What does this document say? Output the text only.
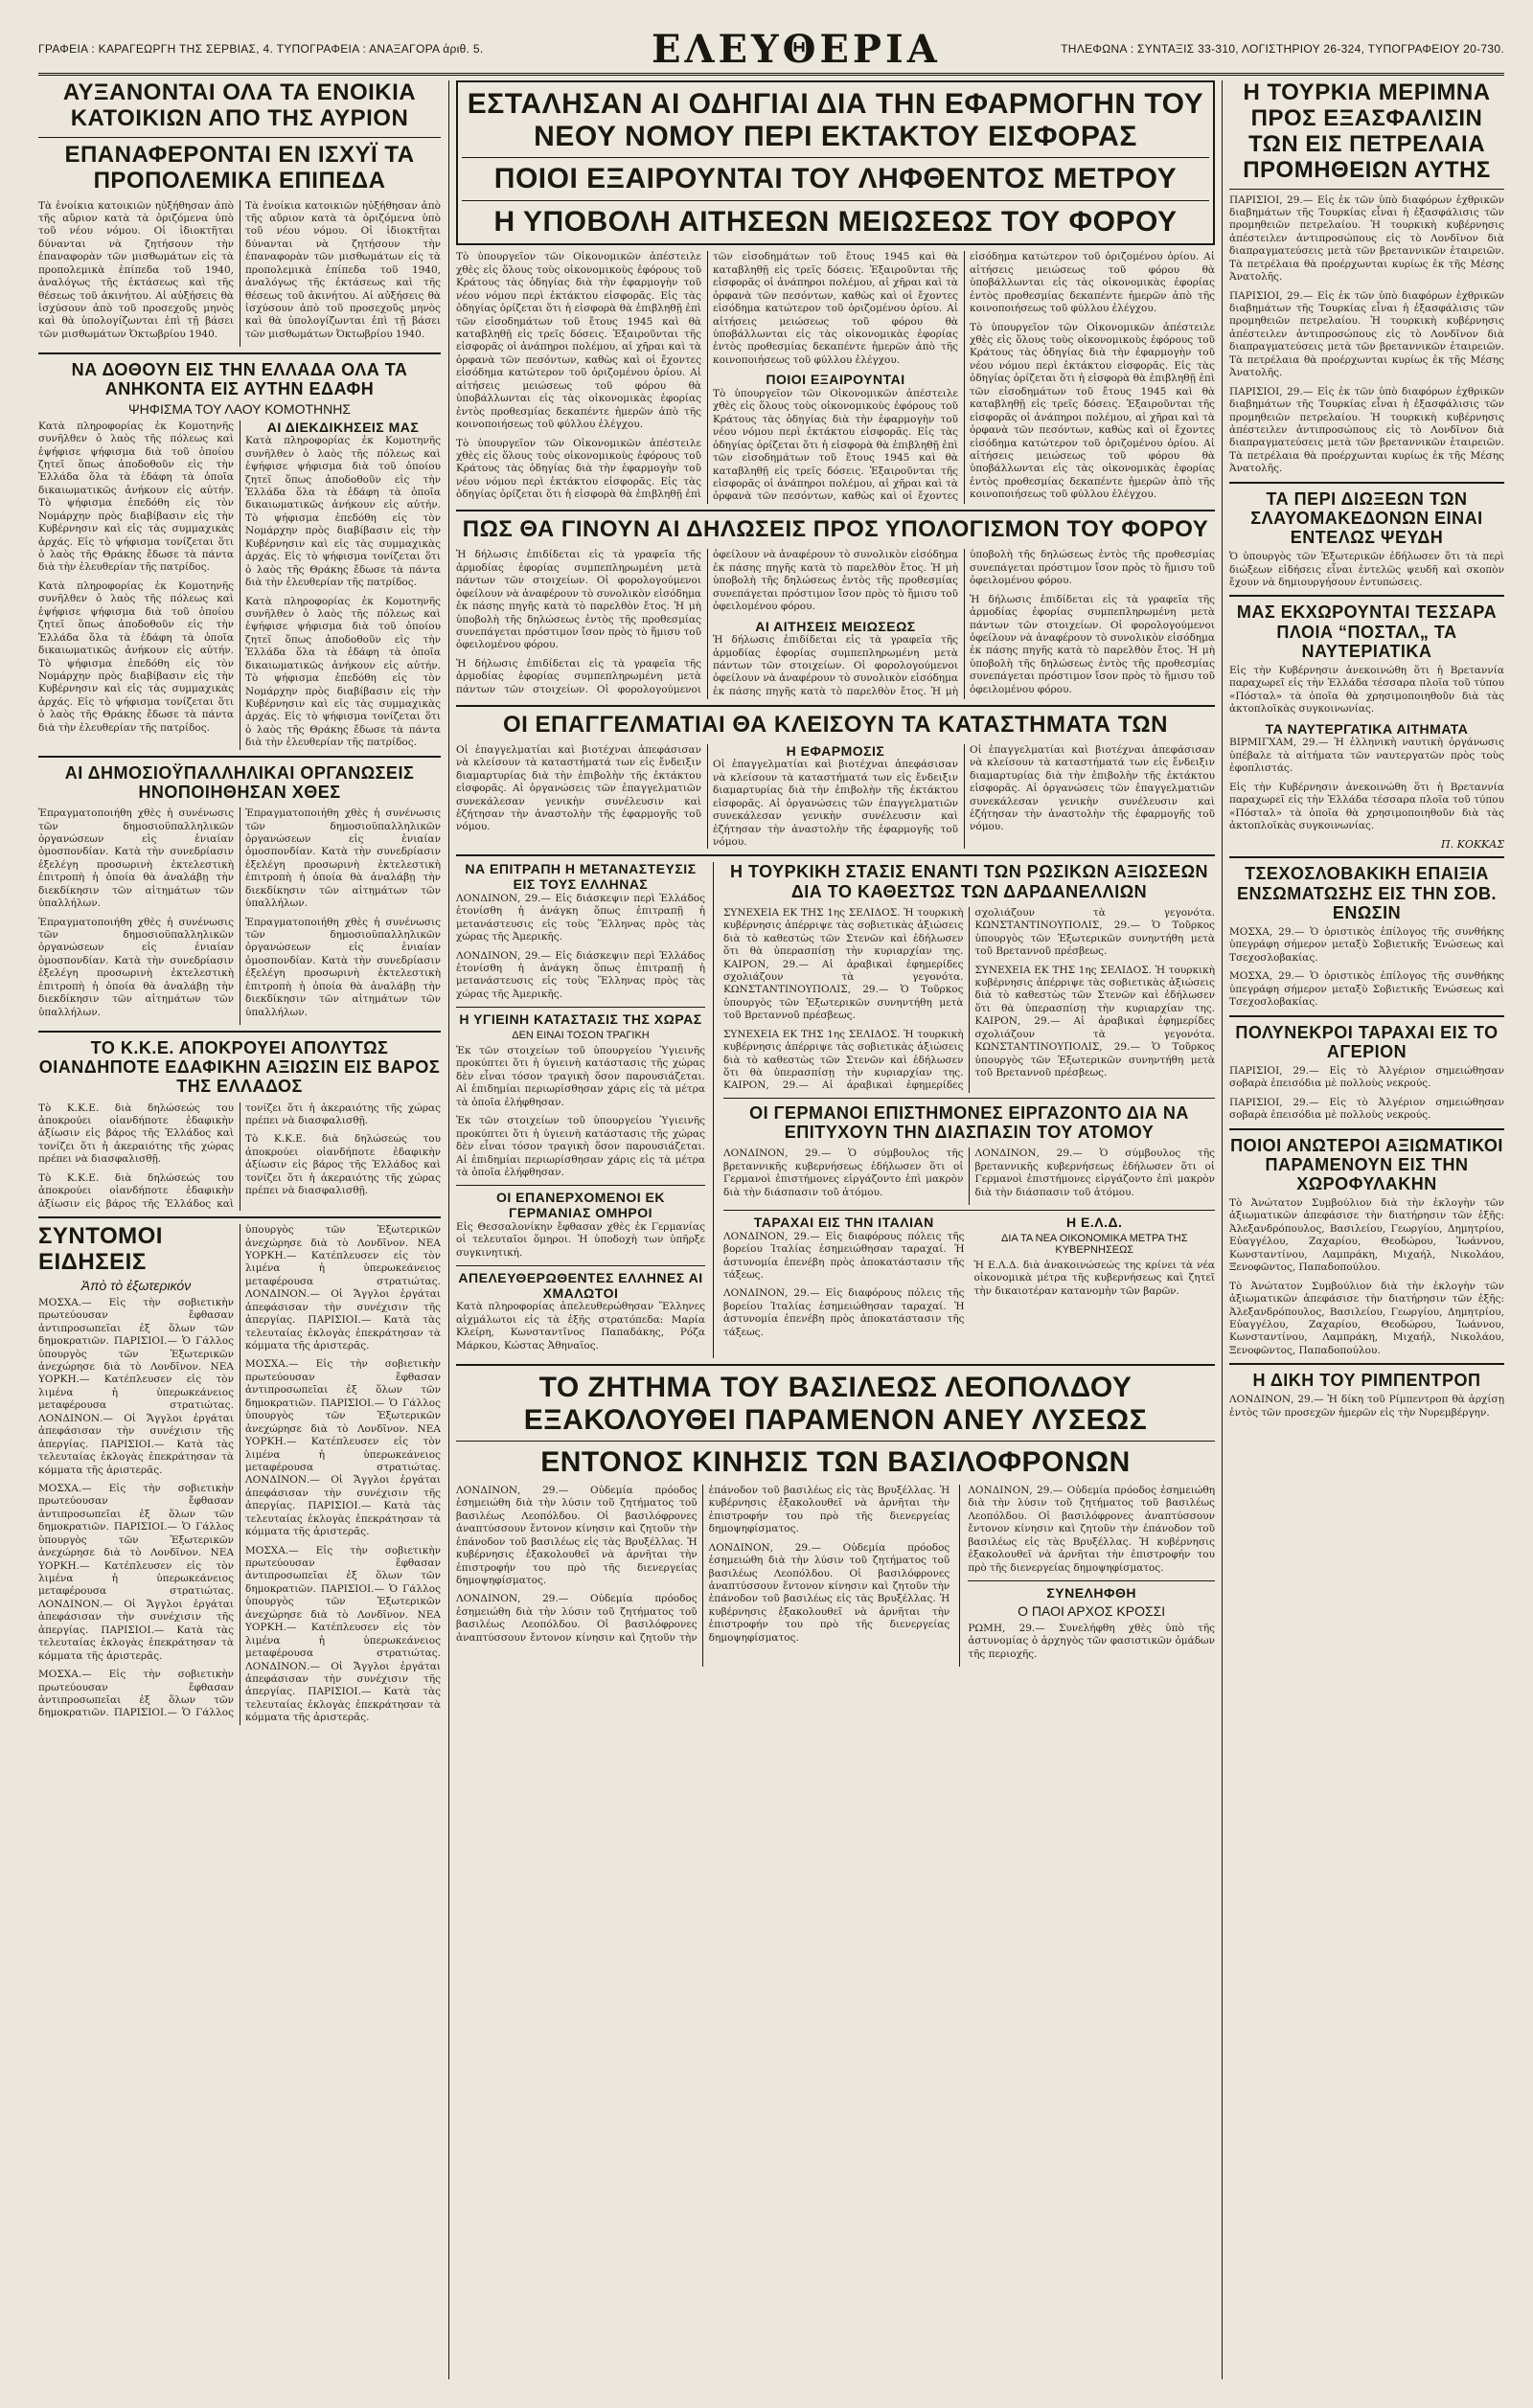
ΓΡΑΦΕΙΑ : ΚΑΡΑΓΕΩΡΓΗ ΤΗΣ ΣΕΡΒΙΑΣ, 4. ΤΥΠΟΓΡΑΦΕΙΑ : ΑΝΑΞΑΓΟΡΑ ἀριθ. 5.	ΕΛΕΥΘΕΡΙΑ	ΤΗΛΕΦΩΝΑ : ΣΥΝΤΑΞΙΣ 33-310, ΛΟΓΙΣΤΗΡΙΟΥ 26-324, ΤΥΠΟΓΡΑΦΕΙΟΥ 20-730.

ΑΥΞΑΝΟΝΤΑΙ ΟΛΑ ΤΑ ΕΝΟΙΚΙΑ ΚΑΤΟΙΚΙΩΝ ΑΠΟ ΤΗΣ ΑΥΡΙΟΝ

ΕΠΑΝΑΦΕΡΟΝΤΑΙ ΕΝ ΙΣΧΥΪ ΤΑ ΠΡΟΠΟΛΕΜΙΚΑ ΕΠΙΠΕΔΑ

Τὰ ἐνοίκια κατοικιῶν ηὐξήθησαν ἀπὸ τῆς αὔριον κατὰ τὰ ὁριζόμενα ὑπὸ τοῦ νέου νόμου. Οἱ ἰδιοκτῆται δύνανται νὰ ζητήσουν τὴν ἐπαναφορὰν τῶν μισθωμάτων εἰς τὰ προπολεμικὰ ἐπίπεδα τοῦ 1940, ἀναλόγως τῆς ἐκτάσεως καὶ τῆς θέσεως τοῦ ἀκινήτου. Αἱ αὐξήσεις θὰ ἰσχύσουν ἀπὸ τοῦ προσεχοῦς μηνὸς καὶ θὰ ὑπολογίζωνται ἐπὶ τῇ βάσει τῶν μισθωμάτων Ὀκτωβρίου 1940.

Τὰ ἐνοίκια κατοικιῶν ηὐξήθησαν ἀπὸ τῆς αὔριον κατὰ τὰ ὁριζόμενα ὑπὸ τοῦ νέου νόμου. Οἱ ἰδιοκτῆται δύνανται νὰ ζητήσουν τὴν ἐπαναφορὰν τῶν μισθωμάτων εἰς τὰ προπολεμικὰ ἐπίπεδα τοῦ 1940, ἀναλόγως τῆς ἐκτάσεως καὶ τῆς θέσεως τοῦ ἀκινήτου. Αἱ αὐξήσεις θὰ ἰσχύσουν ἀπὸ τοῦ προσεχοῦς μηνὸς καὶ θὰ ὑπολογίζωνται ἐπὶ τῇ βάσει τῶν μισθωμάτων Ὀκτωβρίου 1940.

ΝΑ ΔΟΘΟΥΝ ΕΙΣ ΤΗΝ ΕΛΛΑΔΑ ΟΛΑ ΤΑ ΑΝΗΚΟΝΤΑ ΕΙΣ ΑΥΤΗΝ ΕΔΑΦΗ

ΨΗΦΙΣΜΑ ΤΟΥ ΛΑΟΥ ΚΟΜΟΤΗΝΗΣ

Κατὰ πληροφορίας ἐκ Κομοτηνῆς συνῆλθεν ὁ λαὸς τῆς πόλεως καὶ ἐψήφισε ψήφισμα διὰ τοῦ ὁποίου ζητεῖ ὅπως ἀποδοθοῦν εἰς τὴν Ἑλλάδα ὅλα τὰ ἐδάφη τὰ ὁποῖα δικαιωματικῶς ἀνήκουν εἰς αὐτήν. Τὸ ψήφισμα ἐπεδόθη εἰς τὸν Νομάρχην πρὸς διαβίβασιν εἰς τὴν Κυβέρνησιν καὶ εἰς τὰς συμμαχικὰς ἀρχάς. Εἰς τὸ ψήφισμα τονίζεται ὅτι ὁ λαὸς τῆς Θράκης ἔδωσε τὰ πάντα διὰ τὴν ἐλευθερίαν τῆς πατρίδος.

Κατὰ πληροφορίας ἐκ Κομοτηνῆς συνῆλθεν ὁ λαὸς τῆς πόλεως καὶ ἐψήφισε ψήφισμα διὰ τοῦ ὁποίου ζητεῖ ὅπως ἀποδοθοῦν εἰς τὴν Ἑλλάδα ὅλα τὰ ἐδάφη τὰ ὁποῖα δικαιωματικῶς ἀνήκουν εἰς αὐτήν. Τὸ ψήφισμα ἐπεδόθη εἰς τὸν Νομάρχην πρὸς διαβίβασιν εἰς τὴν Κυβέρνησιν καὶ εἰς τὰς συμμαχικὰς ἀρχάς. Εἰς τὸ ψήφισμα τονίζεται ὅτι ὁ λαὸς τῆς Θράκης ἔδωσε τὰ πάντα διὰ τὴν ἐλευθερίαν τῆς πατρίδος.

ΑΙ ΔΙΕΚΔΙΚΗΣΕΙΣ ΜΑΣ

Κατὰ πληροφορίας ἐκ Κομοτηνῆς συνῆλθεν ὁ λαὸς τῆς πόλεως καὶ ἐψήφισε ψήφισμα διὰ τοῦ ὁποίου ζητεῖ ὅπως ἀποδοθοῦν εἰς τὴν Ἑλλάδα ὅλα τὰ ἐδάφη τὰ ὁποῖα δικαιωματικῶς ἀνήκουν εἰς αὐτήν. Τὸ ψήφισμα ἐπεδόθη εἰς τὸν Νομάρχην πρὸς διαβίβασιν εἰς τὴν Κυβέρνησιν καὶ εἰς τὰς συμμαχικὰς ἀρχάς. Εἰς τὸ ψήφισμα τονίζεται ὅτι ὁ λαὸς τῆς Θράκης ἔδωσε τὰ πάντα διὰ τὴν ἐλευθερίαν τῆς πατρίδος.

Κατὰ πληροφορίας ἐκ Κομοτηνῆς συνῆλθεν ὁ λαὸς τῆς πόλεως καὶ ἐψήφισε ψήφισμα διὰ τοῦ ὁποίου ζητεῖ ὅπως ἀποδοθοῦν εἰς τὴν Ἑλλάδα ὅλα τὰ ἐδάφη τὰ ὁποῖα δικαιωματικῶς ἀνήκουν εἰς αὐτήν. Τὸ ψήφισμα ἐπεδόθη εἰς τὸν Νομάρχην πρὸς διαβίβασιν εἰς τὴν Κυβέρνησιν καὶ εἰς τὰς συμμαχικὰς ἀρχάς. Εἰς τὸ ψήφισμα τονίζεται ὅτι ὁ λαὸς τῆς Θράκης ἔδωσε τὰ πάντα διὰ τὴν ἐλευθερίαν τῆς πατρίδος.

ΑΙ ΔΗΜΟΣΙΟΫΠΑΛΛΗΛΙΚΑΙ ΟΡΓΑΝΩΣΕΙΣ ΗΝΟΠΟΙΗΘΗΣΑΝ ΧΘΕΣ

Ἐπραγματοποιήθη χθὲς ἡ συνένωσις τῶν δημοσιοϋπαλληλικῶν ὀργανώσεων εἰς ἑνιαίαν ὁμοσπονδίαν. Κατὰ τὴν συνεδρίασιν ἐξελέγη προσωρινὴ ἐκτελεστικὴ ἐπιτροπὴ ἡ ὁποία θὰ ἀναλάβῃ τὴν διεκδίκησιν τῶν αἰτημάτων τῶν ὑπαλλήλων.

Ἐπραγματοποιήθη χθὲς ἡ συνένωσις τῶν δημοσιοϋπαλληλικῶν ὀργανώσεων εἰς ἑνιαίαν ὁμοσπονδίαν. Κατὰ τὴν συνεδρίασιν ἐξελέγη προσωρινὴ ἐκτελεστικὴ ἐπιτροπὴ ἡ ὁποία θὰ ἀναλάβῃ τὴν διεκδίκησιν τῶν αἰτημάτων τῶν ὑπαλλήλων.

Ἐπραγματοποιήθη χθὲς ἡ συνένωσις τῶν δημοσιοϋπαλληλικῶν ὀργανώσεων εἰς ἑνιαίαν ὁμοσπονδίαν. Κατὰ τὴν συνεδρίασιν ἐξελέγη προσωρινὴ ἐκτελεστικὴ ἐπιτροπὴ ἡ ὁποία θὰ ἀναλάβῃ τὴν διεκδίκησιν τῶν αἰτημάτων τῶν ὑπαλλήλων.

Ἐπραγματοποιήθη χθὲς ἡ συνένωσις τῶν δημοσιοϋπαλληλικῶν ὀργανώσεων εἰς ἑνιαίαν ὁμοσπονδίαν. Κατὰ τὴν συνεδρίασιν ἐξελέγη προσωρινὴ ἐκτελεστικὴ ἐπιτροπὴ ἡ ὁποία θὰ ἀναλάβῃ τὴν διεκδίκησιν τῶν αἰτημάτων τῶν ὑπαλλήλων.

ΤΟ Κ.Κ.Ε. ΑΠΟΚΡΟΥΕΙ ΑΠΟΛΥΤΩΣ ΟΙΑΝΔΗΠΟΤΕ ΕΔΑΦΙΚΗΝ ΑΞΙΩΣΙΝ ΕΙΣ ΒΑΡΟΣ ΤΗΣ ΕΛΛΑΔΟΣ

Τὸ Κ.Κ.Ε. διὰ δηλώσεώς του ἀποκρούει οἱανδήποτε ἐδαφικὴν ἀξίωσιν εἰς βάρος τῆς Ἑλλάδος καὶ τονίζει ὅτι ἡ ἀκεραιότης τῆς χώρας πρέπει νὰ διασφαλισθῇ.

Τὸ Κ.Κ.Ε. διὰ δηλώσεώς του ἀποκρούει οἱανδήποτε ἐδαφικὴν ἀξίωσιν εἰς βάρος τῆς Ἑλλάδος καὶ τονίζει ὅτι ἡ ἀκεραιότης τῆς χώρας πρέπει νὰ διασφαλισθῇ.

Τὸ Κ.Κ.Ε. διὰ δηλώσεώς του ἀποκρούει οἱανδήποτε ἐδαφικὴν ἀξίωσιν εἰς βάρος τῆς Ἑλλάδος καὶ τονίζει ὅτι ἡ ἀκεραιότης τῆς χώρας πρέπει νὰ διασφαλισθῇ.

ΣΥΝΤΟΜΟΙ ΕΙΔΗΣΕΙΣ

Ἀπὸ τὸ ἐξωτερικόν

ΜΟΣΧΑ.— Εἰς τὴν σοβιετικὴν πρωτεύουσαν ἔφθασαν ἀντιπροσωπεῖαι ἐξ ὅλων τῶν δημοκρατιῶν. ΠΑΡΙΣΙΟΙ.— Ὁ Γάλλος ὑπουργὸς τῶν Ἐξωτερικῶν ἀνεχώρησε διὰ τὸ Λονδῖνον. ΝΕΑ ΥΟΡΚΗ.— Κατέπλευσεν εἰς τὸν λιμένα ἡ ὑπερωκεάνειος μεταφέρουσα στρατιώτας. ΛΟΝΔΙΝΟΝ.— Οἱ Ἄγγλοι ἐργάται ἀπεφάσισαν τὴν συνέχισιν τῆς ἀπεργίας. ΠΑΡΙΣΙΟΙ.— Κατὰ τὰς τελευταίας ἐκλογὰς ἐπεκράτησαν τὰ κόμματα τῆς ἀριστερᾶς.

ΜΟΣΧΑ.— Εἰς τὴν σοβιετικὴν πρωτεύουσαν ἔφθασαν ἀντιπροσωπεῖαι ἐξ ὅλων τῶν δημοκρατιῶν. ΠΑΡΙΣΙΟΙ.— Ὁ Γάλλος ὑπουργὸς τῶν Ἐξωτερικῶν ἀνεχώρησε διὰ τὸ Λονδῖνον. ΝΕΑ ΥΟΡΚΗ.— Κατέπλευσεν εἰς τὸν λιμένα ἡ ὑπερωκεάνειος μεταφέρουσα στρατιώτας. ΛΟΝΔΙΝΟΝ.— Οἱ Ἄγγλοι ἐργάται ἀπεφάσισαν τὴν συνέχισιν τῆς ἀπεργίας. ΠΑΡΙΣΙΟΙ.— Κατὰ τὰς τελευταίας ἐκλογὰς ἐπεκράτησαν τὰ κόμματα τῆς ἀριστερᾶς.

ΜΟΣΧΑ.— Εἰς τὴν σοβιετικὴν πρωτεύουσαν ἔφθασαν ἀντιπροσωπεῖαι ἐξ ὅλων τῶν δημοκρατιῶν. ΠΑΡΙΣΙΟΙ.— Ὁ Γάλλος ὑπουργὸς τῶν Ἐξωτερικῶν ἀνεχώρησε διὰ τὸ Λονδῖνον. ΝΕΑ ΥΟΡΚΗ.— Κατέπλευσεν εἰς τὸν λιμένα ἡ ὑπερωκεάνειος μεταφέρουσα στρατιώτας. ΛΟΝΔΙΝΟΝ.— Οἱ Ἄγγλοι ἐργάται ἀπεφάσισαν τὴν συνέχισιν τῆς ἀπεργίας. ΠΑΡΙΣΙΟΙ.— Κατὰ τὰς τελευταίας ἐκλογὰς ἐπεκράτησαν τὰ κόμματα τῆς ἀριστερᾶς.

ΜΟΣΧΑ.— Εἰς τὴν σοβιετικὴν πρωτεύουσαν ἔφθασαν ἀντιπροσωπεῖαι ἐξ ὅλων τῶν δημοκρατιῶν. ΠΑΡΙΣΙΟΙ.— Ὁ Γάλλος ὑπουργὸς τῶν Ἐξωτερικῶν ἀνεχώρησε διὰ τὸ Λονδῖνον. ΝΕΑ ΥΟΡΚΗ.— Κατέπλευσεν εἰς τὸν λιμένα ἡ ὑπερωκεάνειος μεταφέρουσα στρατιώτας. ΛΟΝΔΙΝΟΝ.— Οἱ Ἄγγλοι ἐργάται ἀπεφάσισαν τὴν συνέχισιν τῆς ἀπεργίας. ΠΑΡΙΣΙΟΙ.— Κατὰ τὰς τελευταίας ἐκλογὰς ἐπεκράτησαν τὰ κόμματα τῆς ἀριστερᾶς.

ΜΟΣΧΑ.— Εἰς τὴν σοβιετικὴν πρωτεύουσαν ἔφθασαν ἀντιπροσωπεῖαι ἐξ ὅλων τῶν δημοκρατιῶν. ΠΑΡΙΣΙΟΙ.— Ὁ Γάλλος ὑπουργὸς τῶν Ἐξωτερικῶν ἀνεχώρησε διὰ τὸ Λονδῖνον. ΝΕΑ ΥΟΡΚΗ.— Κατέπλευσεν εἰς τὸν λιμένα ἡ ὑπερωκεάνειος μεταφέρουσα στρατιώτας. ΛΟΝΔΙΝΟΝ.— Οἱ Ἄγγλοι ἐργάται ἀπεφάσισαν τὴν συνέχισιν τῆς ἀπεργίας. ΠΑΡΙΣΙΟΙ.— Κατὰ τὰς τελευταίας ἐκλογὰς ἐπεκράτησαν τὰ κόμματα τῆς ἀριστερᾶς.

ΕΣΤΑΛΗΣΑΝ ΑΙ ΟΔΗΓΙΑΙ ΔΙΑ ΤΗΝ ΕΦΑΡΜΟΓΗΝ ΤΟΥ ΝΕΟΥ ΝΟΜΟΥ ΠΕΡΙ ΕΚΤΑΚΤΟΥ ΕΙΣΦΟΡΑΣ

ΠΟΙΟΙ ΕΞΑΙΡΟΥΝΤΑΙ ΤΟΥ ΛΗΦΘΕΝΤΟΣ ΜΕΤΡΟΥ

Η ΥΠΟΒΟΛΗ ΑΙΤΗΣΕΩΝ ΜΕΙΩΣΕΩΣ ΤΟΥ ΦΟΡΟΥ

Τὸ ὑπουργεῖον τῶν Οἰκονομικῶν ἀπέστειλε χθὲς εἰς ὅλους τοὺς οἰκονομικοὺς ἐφόρους τοῦ Κράτους τὰς ὁδηγίας διὰ τὴν ἐφαρμογὴν τοῦ νέου νόμου περὶ ἐκτάκτου εἰσφορᾶς. Εἰς τὰς ὁδηγίας ὁρίζεται ὅτι ἡ εἰσφορὰ θὰ ἐπιβληθῇ ἐπὶ τῶν εἰσοδημάτων τοῦ ἔτους 1945 καὶ θὰ καταβληθῇ εἰς τρεῖς δόσεις. Ἐξαιροῦνται τῆς εἰσφορᾶς οἱ ἀνάπηροι πολέμου, αἱ χῆραι καὶ τὰ ὀρφανὰ τῶν πεσόντων, καθὼς καὶ οἱ ἔχοντες εἰσόδημα κατώτερον τοῦ ὁριζομένου ὁρίου. Αἱ αἰτήσεις μειώσεως τοῦ φόρου θὰ ὑποβάλλωνται εἰς τὰς οἰκονομικὰς ἐφορίας ἐντὸς προθεσμίας δεκαπέντε ἡμερῶν ἀπὸ τῆς κοινοποιήσεως τοῦ φύλλου ἐλέγχου.

Τὸ ὑπουργεῖον τῶν Οἰκονομικῶν ἀπέστειλε χθὲς εἰς ὅλους τοὺς οἰκονομικοὺς ἐφόρους τοῦ Κράτους τὰς ὁδηγίας διὰ τὴν ἐφαρμογὴν τοῦ νέου νόμου περὶ ἐκτάκτου εἰσφορᾶς. Εἰς τὰς ὁδηγίας ὁρίζεται ὅτι ἡ εἰσφορὰ θὰ ἐπιβληθῇ ἐπὶ τῶν εἰσοδημάτων τοῦ ἔτους 1945 καὶ θὰ καταβληθῇ εἰς τρεῖς δόσεις. Ἐξαιροῦνται τῆς εἰσφορᾶς οἱ ἀνάπηροι πολέμου, αἱ χῆραι καὶ τὰ ὀρφανὰ τῶν πεσόντων, καθὼς καὶ οἱ ἔχοντες εἰσόδημα κατώτερον τοῦ ὁριζομένου ὁρίου. Αἱ αἰτήσεις μειώσεως τοῦ φόρου θὰ ὑποβάλλωνται εἰς τὰς οἰκονομικὰς ἐφορίας ἐντὸς προθεσμίας δεκαπέντε ἡμερῶν ἀπὸ τῆς κοινοποιήσεως τοῦ φύλλου ἐλέγχου.

ΠΟΙΟΙ ΕΞΑΙΡΟΥΝΤΑΙ

Τὸ ὑπουργεῖον τῶν Οἰκονομικῶν ἀπέστειλε χθὲς εἰς ὅλους τοὺς οἰκονομικοὺς ἐφόρους τοῦ Κράτους τὰς ὁδηγίας διὰ τὴν ἐφαρμογὴν τοῦ νέου νόμου περὶ ἐκτάκτου εἰσφορᾶς. Εἰς τὰς ὁδηγίας ὁρίζεται ὅτι ἡ εἰσφορὰ θὰ ἐπιβληθῇ ἐπὶ τῶν εἰσοδημάτων τοῦ ἔτους 1945 καὶ θὰ καταβληθῇ εἰς τρεῖς δόσεις. Ἐξαιροῦνται τῆς εἰσφορᾶς οἱ ἀνάπηροι πολέμου, αἱ χῆραι καὶ τὰ ὀρφανὰ τῶν πεσόντων, καθὼς καὶ οἱ ἔχοντες εἰσόδημα κατώτερον τοῦ ὁριζομένου ὁρίου. Αἱ αἰτήσεις μειώσεως τοῦ φόρου θὰ ὑποβάλλωνται εἰς τὰς οἰκονομικὰς ἐφορίας ἐντὸς προθεσμίας δεκαπέντε ἡμερῶν ἀπὸ τῆς κοινοποιήσεως τοῦ φύλλου ἐλέγχου.

Τὸ ὑπουργεῖον τῶν Οἰκονομικῶν ἀπέστειλε χθὲς εἰς ὅλους τοὺς οἰκονομικοὺς ἐφόρους τοῦ Κράτους τὰς ὁδηγίας διὰ τὴν ἐφαρμογὴν τοῦ νέου νόμου περὶ ἐκτάκτου εἰσφορᾶς. Εἰς τὰς ὁδηγίας ὁρίζεται ὅτι ἡ εἰσφορὰ θὰ ἐπιβληθῇ ἐπὶ τῶν εἰσοδημάτων τοῦ ἔτους 1945 καὶ θὰ καταβληθῇ εἰς τρεῖς δόσεις. Ἐξαιροῦνται τῆς εἰσφορᾶς οἱ ἀνάπηροι πολέμου, αἱ χῆραι καὶ τὰ ὀρφανὰ τῶν πεσόντων, καθὼς καὶ οἱ ἔχοντες εἰσόδημα κατώτερον τοῦ ὁριζομένου ὁρίου. Αἱ αἰτήσεις μειώσεως τοῦ φόρου θὰ ὑποβάλλωνται εἰς τὰς οἰκονομικὰς ἐφορίας ἐντὸς προθεσμίας δεκαπέντε ἡμερῶν ἀπὸ τῆς κοινοποιήσεως τοῦ φύλλου ἐλέγχου.

ΠΩΣ ΘΑ ΓΙΝΟΥΝ ΑΙ ΔΗΛΩΣΕΙΣ ΠΡΟΣ ΥΠΟΛΟΓΙΣΜΟΝ ΤΟΥ ΦΟΡΟΥ

Ἡ δήλωσις ἐπιδίδεται εἰς τὰ γραφεῖα τῆς ἁρμοδίας ἐφορίας συμπεπληρωμένη μετὰ πάντων τῶν στοιχείων. Οἱ φορολογούμενοι ὀφείλουν νὰ ἀναφέρουν τὸ συνολικὸν εἰσόδημα ἐκ πάσης πηγῆς κατὰ τὸ παρελθὸν ἔτος. Ἡ μὴ ὑποβολὴ τῆς δηλώσεως ἐντὸς τῆς προθεσμίας συνεπάγεται πρόστιμον ἴσον πρὸς τὸ ἥμισυ τοῦ ὀφειλομένου φόρου.

Ἡ δήλωσις ἐπιδίδεται εἰς τὰ γραφεῖα τῆς ἁρμοδίας ἐφορίας συμπεπληρωμένη μετὰ πάντων τῶν στοιχείων. Οἱ φορολογούμενοι ὀφείλουν νὰ ἀναφέρουν τὸ συνολικὸν εἰσόδημα ἐκ πάσης πηγῆς κατὰ τὸ παρελθὸν ἔτος. Ἡ μὴ ὑποβολὴ τῆς δηλώσεως ἐντὸς τῆς προθεσμίας συνεπάγεται πρόστιμον ἴσον πρὸς τὸ ἥμισυ τοῦ ὀφειλομένου φόρου.

ΑΙ ΑΙΤΗΣΕΙΣ ΜΕΙΩΣΕΩΣ

Ἡ δήλωσις ἐπιδίδεται εἰς τὰ γραφεῖα τῆς ἁρμοδίας ἐφορίας συμπεπληρωμένη μετὰ πάντων τῶν στοιχείων. Οἱ φορολογούμενοι ὀφείλουν νὰ ἀναφέρουν τὸ συνολικὸν εἰσόδημα ἐκ πάσης πηγῆς κατὰ τὸ παρελθὸν ἔτος. Ἡ μὴ ὑποβολὴ τῆς δηλώσεως ἐντὸς τῆς προθεσμίας συνεπάγεται πρόστιμον ἴσον πρὸς τὸ ἥμισυ τοῦ ὀφειλομένου φόρου.

Ἡ δήλωσις ἐπιδίδεται εἰς τὰ γραφεῖα τῆς ἁρμοδίας ἐφορίας συμπεπληρωμένη μετὰ πάντων τῶν στοιχείων. Οἱ φορολογούμενοι ὀφείλουν νὰ ἀναφέρουν τὸ συνολικὸν εἰσόδημα ἐκ πάσης πηγῆς κατὰ τὸ παρελθὸν ἔτος. Ἡ μὴ ὑποβολὴ τῆς δηλώσεως ἐντὸς τῆς προθεσμίας συνεπάγεται πρόστιμον ἴσον πρὸς τὸ ἥμισυ τοῦ ὀφειλομένου φόρου.

ΟΙ ΕΠΑΓΓΕΛΜΑΤΙΑΙ ΘΑ ΚΛΕΙΣΟΥΝ ΤΑ ΚΑΤΑΣΤΗΜΑΤΑ ΤΩΝ

Οἱ ἐπαγγελματίαι καὶ βιοτέχναι ἀπεφάσισαν νὰ κλείσουν τὰ καταστήματά των εἰς ἔνδειξιν διαμαρτυρίας διὰ τὴν ἐπιβολὴν τῆς ἐκτάκτου εἰσφορᾶς. Αἱ ὀργανώσεις τῶν ἐπαγγελματιῶν συνεκάλεσαν γενικὴν συνέλευσιν καὶ ἐζήτησαν τὴν ἀναστολὴν τῆς ἐφαρμογῆς τοῦ νόμου.

Η ΕΦΑΡΜΟΣΙΣ

Οἱ ἐπαγγελματίαι καὶ βιοτέχναι ἀπεφάσισαν νὰ κλείσουν τὰ καταστήματά των εἰς ἔνδειξιν διαμαρτυρίας διὰ τὴν ἐπιβολὴν τῆς ἐκτάκτου εἰσφορᾶς. Αἱ ὀργανώσεις τῶν ἐπαγγελματιῶν συνεκάλεσαν γενικὴν συνέλευσιν καὶ ἐζήτησαν τὴν ἀναστολὴν τῆς ἐφαρμογῆς τοῦ νόμου.

Οἱ ἐπαγγελματίαι καὶ βιοτέχναι ἀπεφάσισαν νὰ κλείσουν τὰ καταστήματά των εἰς ἔνδειξιν διαμαρτυρίας διὰ τὴν ἐπιβολὴν τῆς ἐκτάκτου εἰσφορᾶς. Αἱ ὀργανώσεις τῶν ἐπαγγελματιῶν συνεκάλεσαν γενικὴν συνέλευσιν καὶ ἐζήτησαν τὴν ἀναστολὴν τῆς ἐφαρμογῆς τοῦ νόμου.

ΝΑ ΕΠΙΤΡΑΠΗ Η ΜΕΤΑΝΑΣΤΕΥΣΙΣ ΕΙΣ ΤΟΥΣ ΕΛΛΗΝΑΣ

ΛΟΝΔΙΝΟΝ, 29.— Εἰς διάσκεψιν περὶ Ἑλλάδος ἐτονίσθη ἡ ἀνάγκη ὅπως ἐπιτραπῇ ἡ μετανάστευσις εἰς τοὺς Ἕλληνας πρὸς τὰς χώρας τῆς Ἀμερικῆς.

ΛΟΝΔΙΝΟΝ, 29.— Εἰς διάσκεψιν περὶ Ἑλλάδος ἐτονίσθη ἡ ἀνάγκη ὅπως ἐπιτραπῇ ἡ μετανάστευσις εἰς τοὺς Ἕλληνας πρὸς τὰς χώρας τῆς Ἀμερικῆς.

Η ΥΓΙΕΙΝΗ ΚΑΤΑΣΤΑΣΙΣ ΤΗΣ ΧΩΡΑΣ

ΔΕΝ ΕΙΝΑΙ ΤΟΣΟΝ ΤΡΑΓΙΚΗ

Ἐκ τῶν στοιχείων τοῦ ὑπουργείου Ὑγιεινῆς προκύπτει ὅτι ἡ ὑγιεινὴ κατάστασις τῆς χώρας δὲν εἶναι τόσον τραγικὴ ὅσον παρουσιάζεται. Αἱ ἐπιδημίαι περιωρίσθησαν χάρις εἰς τὰ μέτρα τὰ ὁποῖα ἐλήφθησαν.

Ἐκ τῶν στοιχείων τοῦ ὑπουργείου Ὑγιεινῆς προκύπτει ὅτι ἡ ὑγιεινὴ κατάστασις τῆς χώρας δὲν εἶναι τόσον τραγικὴ ὅσον παρουσιάζεται. Αἱ ἐπιδημίαι περιωρίσθησαν χάρις εἰς τὰ μέτρα τὰ ὁποῖα ἐλήφθησαν.

ΟΙ ΕΠΑΝΕΡΧΟΜΕΝΟΙ ΕΚ ΓΕΡΜΑΝΙΑΣ ΟΜΗΡΟΙ

Εἰς Θεσσαλονίκην ἔφθασαν χθὲς ἐκ Γερμανίας οἱ τελευταῖοι ὅμηροι. Ἡ ὑποδοχὴ των ὑπῆρξε συγκινητική.

ΑΠΕΛΕΥΘΕΡΩΘΕΝΤΕΣ ΕΛΛΗΝΕΣ ΑΙ ΧΜΑΛΩΤΟΙ

Κατὰ πληροφορίας ἀπελευθερώθησαν Ἕλληνες αἰχμάλωτοι εἰς τὰ ἐξῆς στρατόπεδα: Μαρία Κλείρη, Κωνσταντῖνος Παπαδάκης, Ρόζα Μάρκου, Κώστας Ἀθηναῖος.

Η ΤΟΥΡΚΙΚΗ ΣΤΑΣΙΣ ΕΝΑΝΤΙ ΤΩΝ ΡΩΣΙΚΩΝ ΑΞΙΩΣΕΩΝ ΔΙΑ ΤΟ ΚΑΘΕΣΤΩΣ ΤΩΝ ΔΑΡΔΑΝΕΛΛΙΩΝ

ΣΥΝΕΧΕΙΑ ΕΚ ΤΗΣ 1ης ΣΕΛΙΔΟΣ. Ἡ τουρκικὴ κυβέρνησις ἀπέρριψε τὰς σοβιετικὰς ἀξιώσεις διὰ τὸ καθεστὼς τῶν Στενῶν καὶ ἐδήλωσεν ὅτι θὰ ὑπερασπίσῃ τὴν κυριαρχίαν της. ΚΑΙΡΟΝ, 29.— Αἱ ἀραβικαὶ ἐφημερίδες σχολιάζουν τὰ γεγονότα. ΚΩΝΣΤΑΝΤΙΝΟΥΠΟΛΙΣ, 29.— Ὁ Τοῦρκος ὑπουργὸς τῶν Ἐξωτερικῶν συνηντήθη μετὰ τοῦ Βρεταννοῦ πρέσβεως.

ΣΥΝΕΧΕΙΑ ΕΚ ΤΗΣ 1ης ΣΕΛΙΔΟΣ. Ἡ τουρκικὴ κυβέρνησις ἀπέρριψε τὰς σοβιετικὰς ἀξιώσεις διὰ τὸ καθεστὼς τῶν Στενῶν καὶ ἐδήλωσεν ὅτι θὰ ὑπερασπίσῃ τὴν κυριαρχίαν της. ΚΑΙΡΟΝ, 29.— Αἱ ἀραβικαὶ ἐφημερίδες σχολιάζουν τὰ γεγονότα. ΚΩΝΣΤΑΝΤΙΝΟΥΠΟΛΙΣ, 29.— Ὁ Τοῦρκος ὑπουργὸς τῶν Ἐξωτερικῶν συνηντήθη μετὰ τοῦ Βρεταννοῦ πρέσβεως.

ΣΥΝΕΧΕΙΑ ΕΚ ΤΗΣ 1ης ΣΕΛΙΔΟΣ. Ἡ τουρκικὴ κυβέρνησις ἀπέρριψε τὰς σοβιετικὰς ἀξιώσεις διὰ τὸ καθεστὼς τῶν Στενῶν καὶ ἐδήλωσεν ὅτι θὰ ὑπερασπίσῃ τὴν κυριαρχίαν της. ΚΑΙΡΟΝ, 29.— Αἱ ἀραβικαὶ ἐφημερίδες σχολιάζουν τὰ γεγονότα. ΚΩΝΣΤΑΝΤΙΝΟΥΠΟΛΙΣ, 29.— Ὁ Τοῦρκος ὑπουργὸς τῶν Ἐξωτερικῶν συνηντήθη μετὰ τοῦ Βρεταννοῦ πρέσβεως.

ΟΙ ΓΕΡΜΑΝΟΙ ΕΠΙΣΤΗΜΟΝΕΣ ΕΙΡΓΑΖΟΝΤΟ ΔΙΑ ΝΑ ΕΠΙΤΥΧΟΥΝ ΤΗΝ ΔΙΑΣΠΑΣΙΝ ΤΟΥ ΑΤΟΜΟΥ

ΛΟΝΔΙΝΟΝ, 29.— Ὁ σύμβουλος τῆς βρεταννικῆς κυβερνήσεως ἐδήλωσεν ὅτι οἱ Γερμανοὶ ἐπιστήμονες εἰργάζοντο ἐπὶ μακρὸν διὰ τὴν διάσπασιν τοῦ ἀτόμου.

ΛΟΝΔΙΝΟΝ, 29.— Ὁ σύμβουλος τῆς βρεταννικῆς κυβερνήσεως ἐδήλωσεν ὅτι οἱ Γερμανοὶ ἐπιστήμονες εἰργάζοντο ἐπὶ μακρὸν διὰ τὴν διάσπασιν τοῦ ἀτόμου.

ΤΑΡΑΧΑΙ ΕΙΣ ΤΗΝ ΙΤΑΛΙΑΝ

ΛΟΝΔΙΝΟΝ, 29.— Εἰς διαφόρους πόλεις τῆς βορείου Ἰταλίας ἐσημειώθησαν ταραχαί. Ἡ ἀστυνομία ἐπενέβη πρὸς ἀποκατάστασιν τῆς τάξεως.

ΛΟΝΔΙΝΟΝ, 29.— Εἰς διαφόρους πόλεις τῆς βορείου Ἰταλίας ἐσημειώθησαν ταραχαί. Ἡ ἀστυνομία ἐπενέβη πρὸς ἀποκατάστασιν τῆς τάξεως.

Η Ε.Λ.Δ.

ΔΙΑ ΤΑ ΝΕΑ ΟΙΚΟΝΟΜΙΚΑ ΜΕΤΡΑ ΤΗΣ ΚΥΒΕΡΝΗΣΕΩΣ

Ἡ Ε.Λ.Δ. διὰ ἀνακοινώσεώς της κρίνει τὰ νέα οἰκονομικὰ μέτρα τῆς κυβερνήσεως καὶ ζητεῖ τὴν δικαιοτέραν κατανομὴν τῶν βαρῶν.

ΤΟ ΖΗΤΗΜΑ ΤΟΥ ΒΑΣΙΛΕΩΣ ΛΕΟΠΟΛΔΟΥ ΕΞΑΚΟΛΟΥΘΕΙ ΠΑΡΑΜΕΝΟΝ ΑΝΕΥ ΛΥΣΕΩΣ

ΕΝΤΟΝΟΣ ΚΙΝΗΣΙΣ ΤΩΝ ΒΑΣΙΛΟΦΡΟΝΩΝ

ΛΟΝΔΙΝΟΝ, 29.— Οὐδεμία πρόοδος ἐσημειώθη διὰ τὴν λύσιν τοῦ ζητήματος τοῦ βασιλέως Λεοπόλδου. Οἱ βασιλόφρονες ἀναπτύσσουν ἔντονον κίνησιν καὶ ζητοῦν τὴν ἐπάνοδον τοῦ βασιλέως εἰς τὰς Βρυξέλλας. Ἡ κυβέρνησις ἐξακολουθεῖ νὰ ἀρνῆται τὴν ἐπιστροφήν του πρὸ τῆς διενεργείας δημοψηφίσματος.

ΛΟΝΔΙΝΟΝ, 29.— Οὐδεμία πρόοδος ἐσημειώθη διὰ τὴν λύσιν τοῦ ζητήματος τοῦ βασιλέως Λεοπόλδου. Οἱ βασιλόφρονες ἀναπτύσσουν ἔντονον κίνησιν καὶ ζητοῦν τὴν ἐπάνοδον τοῦ βασιλέως εἰς τὰς Βρυξέλλας. Ἡ κυβέρνησις ἐξακολουθεῖ νὰ ἀρνῆται τὴν ἐπιστροφήν του πρὸ τῆς διενεργείας δημοψηφίσματος.

ΛΟΝΔΙΝΟΝ, 29.— Οὐδεμία πρόοδος ἐσημειώθη διὰ τὴν λύσιν τοῦ ζητήματος τοῦ βασιλέως Λεοπόλδου. Οἱ βασιλόφρονες ἀναπτύσσουν ἔντονον κίνησιν καὶ ζητοῦν τὴν ἐπάνοδον τοῦ βασιλέως εἰς τὰς Βρυξέλλας. Ἡ κυβέρνησις ἐξακολουθεῖ νὰ ἀρνῆται τὴν ἐπιστροφήν του πρὸ τῆς διενεργείας δημοψηφίσματος.

ΛΟΝΔΙΝΟΝ, 29.— Οὐδεμία πρόοδος ἐσημειώθη διὰ τὴν λύσιν τοῦ ζητήματος τοῦ βασιλέως Λεοπόλδου. Οἱ βασιλόφρονες ἀναπτύσσουν ἔντονον κίνησιν καὶ ζητοῦν τὴν ἐπάνοδον τοῦ βασιλέως εἰς τὰς Βρυξέλλας. Ἡ κυβέρνησις ἐξακολουθεῖ νὰ ἀρνῆται τὴν ἐπιστροφήν του πρὸ τῆς διενεργείας δημοψηφίσματος.

ΣΥΝΕΛΗΦΘΗ

Ο ΠΑΟΙ ΑΡΧΟΣ ΚΡΟΣΣΙ

ΡΩΜΗ, 29.— Συνελήφθη χθὲς ὑπὸ τῆς ἀστυνομίας ὁ ἀρχηγὸς τῶν φασιστικῶν ὁμάδων τῆς περιοχῆς.

Η ΤΟΥΡΚΙΑ ΜΕΡΙΜΝΑ ΠΡΟΣ ΕΞΑΣΦΑΛΙΣΙΝ ΤΩΝ ΕΙΣ ΠΕΤΡΕΛΑΙΑ ΠΡΟΜΗΘΕΙΩΝ ΑΥΤΗΣ

ΠΑΡΙΣΙΟΙ, 29.— Εἰς ἐκ τῶν ὑπὸ διαφόρων ἐχθρικῶν διαβημάτων τῆς Τουρκίας εἶναι ἡ ἐξασφάλισις τῶν προμηθειῶν πετρελαίου. Ἡ τουρκικὴ κυβέρνησις ἀπέστειλεν ἀντιπροσώπους εἰς τὸ Λονδῖνον διὰ διαπραγματεύσεις μετὰ τῶν βρεταννικῶν ἑταιρειῶν. Τὰ πετρέλαια θὰ προέρχωνται κυρίως ἐκ τῆς Μέσης Ἀνατολῆς.

ΠΑΡΙΣΙΟΙ, 29.— Εἰς ἐκ τῶν ὑπὸ διαφόρων ἐχθρικῶν διαβημάτων τῆς Τουρκίας εἶναι ἡ ἐξασφάλισις τῶν προμηθειῶν πετρελαίου. Ἡ τουρκικὴ κυβέρνησις ἀπέστειλεν ἀντιπροσώπους εἰς τὸ Λονδῖνον διὰ διαπραγματεύσεις μετὰ τῶν βρεταννικῶν ἑταιρειῶν. Τὰ πετρέλαια θὰ προέρχωνται κυρίως ἐκ τῆς Μέσης Ἀνατολῆς.

ΠΑΡΙΣΙΟΙ, 29.— Εἰς ἐκ τῶν ὑπὸ διαφόρων ἐχθρικῶν διαβημάτων τῆς Τουρκίας εἶναι ἡ ἐξασφάλισις τῶν προμηθειῶν πετρελαίου. Ἡ τουρκικὴ κυβέρνησις ἀπέστειλεν ἀντιπροσώπους εἰς τὸ Λονδῖνον διὰ διαπραγματεύσεις μετὰ τῶν βρεταννικῶν ἑταιρειῶν. Τὰ πετρέλαια θὰ προέρχωνται κυρίως ἐκ τῆς Μέσης Ἀνατολῆς.

ΤΑ ΠΕΡΙ ΔΙΩΞΕΩΝ ΤΩΝ ΣΛΑΥΟΜΑΚΕΔΟΝΩΝ ΕΙΝΑΙ ΕΝΤΕΛΩΣ ΨΕΥΔΗ

Ὁ ὑπουργὸς τῶν Ἐξωτερικῶν ἐδήλωσεν ὅτι τὰ περὶ διώξεων εἰδήσεις εἶναι ἐντελῶς ψευδῆ καὶ σκοπὸν ἔχουν νὰ δημιουργήσουν ἐντυπώσεις.

ΜΑΣ ΕΚΧΩΡΟΥΝΤΑΙ ΤΕΣΣΑΡΑ ΠΛΟΙΑ “ΠΟΣΤΑΛ„ ΤΑ ΝΑΥΤΕΡΙΑΤΙΚΑ

Εἰς τὴν Κυβέρνησιν ἀνεκοινώθη ὅτι ἡ Βρεταννία παραχωρεῖ εἰς τὴν Ἑλλάδα τέσσαρα πλοῖα τοῦ τύπου «Πόσταλ» τὰ ὁποῖα θὰ χρησιμοποιηθοῦν διὰ τὰς ἀκτοπλοϊκὰς συγκοινωνίας.

ΤΑ ΝΑΥΤΕΡΓΑΤΙΚΑ ΑΙΤΗΜΑΤΑ

ΒΙΡΜΙΓΧΑΜ, 29.— Ἡ ἑλληνικὴ ναυτικὴ ὀργάνωσις ὑπέβαλε τὰ αἰτήματα τῶν ναυτεργατῶν πρὸς τοὺς ἐφοπλιστάς.

Εἰς τὴν Κυβέρνησιν ἀνεκοινώθη ὅτι ἡ Βρεταννία παραχωρεῖ εἰς τὴν Ἑλλάδα τέσσαρα πλοῖα τοῦ τύπου «Πόσταλ» τὰ ὁποῖα θὰ χρησιμοποιηθοῦν διὰ τὰς ἀκτοπλοϊκὰς συγκοινωνίας.

Π. ΚΟΚΚΑΣ

ΤΣΕΧΟΣΛΟΒΑΚΙΚΗ ΕΠΑΙΞΙΑ ΕΝΣΩΜΑΤΩΣΗΣ ΕΙΣ ΤΗΝ ΣΟΒ. ΕΝΩΣΙΝ

ΜΟΣΧΑ, 29.— Ὁ ὁριστικὸς ἐπίλογος τῆς συνθήκης ὑπεγράφη σήμερον μεταξὺ Σοβιετικῆς Ἑνώσεως καὶ Τσεχοσλοβακίας.

ΜΟΣΧΑ, 29.— Ὁ ὁριστικὸς ἐπίλογος τῆς συνθήκης ὑπεγράφη σήμερον μεταξὺ Σοβιετικῆς Ἑνώσεως καὶ Τσεχοσλοβακίας.

ΠΟΛΥΝΕΚΡΟΙ ΤΑΡΑΧΑΙ ΕΙΣ ΤΟ ΑΓΕΡΙΟΝ

ΠΑΡΙΣΙΟΙ, 29.— Εἰς τὸ Ἀλγέριον σημειώθησαν σοβαρὰ ἐπεισόδια μὲ πολλοὺς νεκρούς.

ΠΑΡΙΣΙΟΙ, 29.— Εἰς τὸ Ἀλγέριον σημειώθησαν σοβαρὰ ἐπεισόδια μὲ πολλοὺς νεκρούς.

ΠΟΙΟΙ ΑΝΩΤΕΡΟΙ ΑΞΙΩΜΑΤΙΚΟΙ ΠΑΡΑΜΕΝΟΥΝ ΕΙΣ ΤΗΝ ΧΩΡΟΦΥΛΑΚΗΝ

Τὸ Ἀνώτατον Συμβούλιον διὰ τὴν ἐκλογὴν τῶν ἀξιωματικῶν ἀπεφάσισε τὴν διατήρησιν τῶν ἐξῆς: Ἀλεξανδρόπουλος, Βασιλείου, Γεωργίου, Δημητρίου, Εὐαγγέλου, Ζαχαρίου, Θεοδώρου, Ἰωάννου, Κωνσταντίνου, Λαμπράκη, Μιχαήλ, Νικολάου, Ξενοφῶντος, Παπαδοπούλου.

Τὸ Ἀνώτατον Συμβούλιον διὰ τὴν ἐκλογὴν τῶν ἀξιωματικῶν ἀπεφάσισε τὴν διατήρησιν τῶν ἐξῆς: Ἀλεξανδρόπουλος, Βασιλείου, Γεωργίου, Δημητρίου, Εὐαγγέλου, Ζαχαρίου, Θεοδώρου, Ἰωάννου, Κωνσταντίνου, Λαμπράκη, Μιχαήλ, Νικολάου, Ξενοφῶντος, Παπαδοπούλου.

Η ΔΙΚΗ ΤΟΥ ΡΙΜΠΕΝΤΡΟΠ

ΛΟΝΔΙΝΟΝ, 29.— Ἡ δίκη τοῦ Ρίμπεντροπ θὰ ἀρχίσῃ ἐντὸς τῶν προσεχῶν ἡμερῶν εἰς τὴν Νυρεμβέργην.
